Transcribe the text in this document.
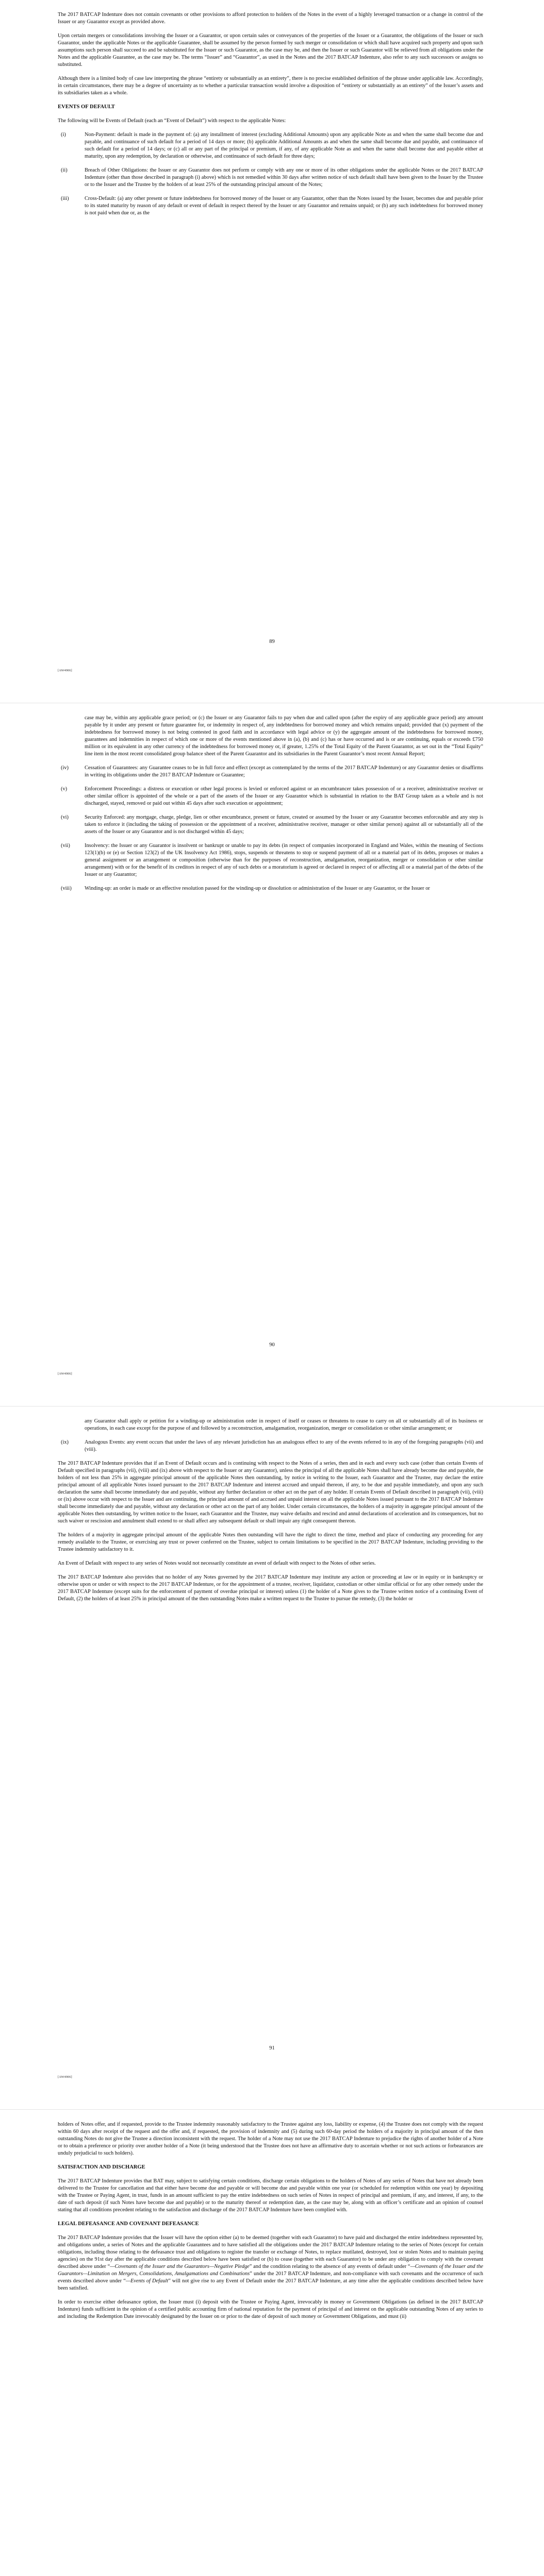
The 2017 BATCAP Indenture does not contain covenants or other provisions to afford protection to holders of the Notes in the event of a highly leveraged transaction or a change in control of the Issuer or any Guarantor except as provided above.

Upon certain mergers or consolidations involving the Issuer or a Guarantor, or upon certain sales or conveyances of the properties of the Issuer or a Guarantor, the obligations of the Issuer or such Guarantor, under the applicable Notes or the applicable Guarantee, shall be assumed by the person formed by such merger or consolidation or which shall have acquired such property and upon such assumptions such person shall succeed to and be substituted for the Issuer or such Guarantor, as the case may be, and then the Issuer or such Guarantor will be relieved from all obligations under the Notes and the applicable Guarantee, as the case may be. The terms “Issuer” and “Guarantor”, as used in the Notes and the 2017 BATCAP Indenture, also refer to any such successors or assigns so substituted.

Although there is a limited body of case law interpreting the phrase “entirety or substantially as an entirety”, there is no precise established definition of the phrase under applicable law. Accordingly, in certain circumstances, there may be a degree of uncertainty as to whether a particular transaction would involve a disposition of “entirety or substantially as an entirety” of the Issuer’s assets and its subsidiaries taken as a whole.

EVENTS OF DEFAULT

The following will be Events of Default (each an “Event of Default”) with respect to the applicable Notes:

(i)	Non-Payment: default is made in the payment of: (a) any installment of interest (excluding Additional Amounts) upon any applicable Note as and when the same shall become due and payable, and continuance of such default for a period of 14 days or more; (b) applicable Additional Amounts as and when the same shall become due and payable, and continuance of such default for a period of 14 days; or (c) all or any part of the principal or premium, if any, of any applicable Note as and when the same shall become due and payable either at maturity, upon any redemption, by declaration or otherwise, and continuance of such default for three days;
(ii)	Breach of Other Obligations: the Issuer or any Guarantor does not perform or comply with any one or more of its other obligations under the applicable Notes or the 2017 BATCAP Indenture (other than those described in paragraph (i) above) which is not remedied within 30 days after written notice of such default shall have been given to the Issuer by the Trustee or to the Issuer and the Trustee by the holders of at least 25% of the outstanding principal amount of the Notes;
(iii)	Cross-Default: (a) any other present or future indebtedness for borrowed money of the Issuer or any Guarantor, other than the Notes issued by the Issuer, becomes due and payable prior to its stated maturity by reason of any default or event of default in respect thereof by the Issuer or any Guarantor and remains unpaid; or (b) any such indebtedness for borrowed money is not paid when due or, as the
89
[AW4906]

case may be, within any applicable grace period; or (c) the Issuer or any Guarantor fails to pay when due and called upon (after the expiry of any applicable grace period) any amount payable by it under any present or future guarantee for, or indemnity in respect of, any indebtedness for borrowed money and which remains unpaid; provided that (x) payment of the indebtedness for borrowed money is not being contested in good faith and in accordance with legal advice or (y) the aggregate amount of the indebtedness for borrowed money, guarantees and indemnities in respect of which one or more of the events mentioned above in (a), (b) and (c) has or have occurred and is or are continuing, equals or exceeds £750 million or its equivalent in any other currency of the indebtedness for borrowed money or, if greater, 1.25% of the Total Equity of the Parent Guarantor, as set out in the “Total Equity” line item in the most recent consolidated group balance sheet of the Parent Guarantor and its subsidiaries in the Parent Guarantor’s most recent Annual Report;

(iv)	Cessation of Guarantees: any Guarantee ceases to be in full force and effect (except as contemplated by the terms of the 2017 BATCAP Indenture) or any Guarantor denies or disaffirms in writing its obligations under the 2017 BATCAP Indenture or Guarantee;
(v)	Enforcement Proceedings: a distress or execution or other legal process is levied or enforced against or an encumbrancer takes possession of or a receiver, administrative receiver or other similar officer is appointed of the whole or a part of the assets of the Issuer or any Guarantor which is substantial in relation to the BAT Group taken as a whole and is not discharged, stayed, removed or paid out within 45 days after such execution or appointment;
(vi)	Security Enforced: any mortgage, charge, pledge, lien or other encumbrance, present or future, created or assumed by the Issuer or any Guarantor becomes enforceable and any step is taken to enforce it (including the taking of possession or the appointment of a receiver, administrative receiver, manager or other similar person) against all or substantially all of the assets of the Issuer or any Guarantor and is not discharged within 45 days;
(vii)	Insolvency: the Issuer or any Guarantor is insolvent or bankrupt or unable to pay its debts (in respect of companies incorporated in England and Wales, within the meaning of Sections 123(1)(b) or (e) or Section 123(2) of the UK Insolvency Act 1986), stops, suspends or threatens to stop or suspend payment of all or a material part of its debts, proposes or makes a general assignment or an arrangement or composition (otherwise than for the purposes of reconstruction, amalgamation, reorganization, merger or consolidation or other similar arrangement) with or for the benefit of its creditors in respect of any of such debts or a moratorium is agreed or declared in respect of or affecting all or a material part of the debts of the Issuer or any Guarantor;
(viii)	Winding-up: an order is made or an effective resolution passed for the winding-up or dissolution or administration of the Issuer or any Guarantor, or the Issuer or
90
[AW4906]

any Guarantor shall apply or petition for a winding-up or administration order in respect of itself or ceases or threatens to cease to carry on all or substantially all of its business or operations, in each case except for the purpose of and followed by a reconstruction, amalgamation, reorganization, merger or consolidation or other similar arrangement; or

(ix)	Analogous Events: any event occurs that under the laws of any relevant jurisdiction has an analogous effect to any of the events referred to in any of the foregoing paragraphs (vii) and (viii).

The 2017 BATCAP Indenture provides that if an Event of Default occurs and is continuing with respect to the Notes of a series, then and in each and every such case (other than certain Events of Default specified in paragraphs (vii), (viii) and (ix) above with respect to the Issuer or any Guarantor), unless the principal of all the applicable Notes shall have already become due and payable, the holders of not less than 25% in aggregate principal amount of the applicable Notes then outstanding, by notice in writing to the Issuer, each Guarantor and the Trustee, may declare the entire principal amount of all applicable Notes issued pursuant to the 2017 BATCAP Indenture and interest accrued and unpaid thereon, if any, to be due and payable immediately, and upon any such declaration the same shall become immediately due and payable, without any further declaration or other act on the part of any holder. If certain Events of Default described in paragraph (vii), (viii) or (ix) above occur with respect to the Issuer and are continuing, the principal amount of and accrued and unpaid interest on all the applicable Notes issued pursuant to the 2017 BATCAP Indenture shall become immediately due and payable, without any declaration or other act on the part of any holder. Under certain circumstances, the holders of a majority in aggregate principal amount of the applicable Notes then outstanding, by written notice to the Issuer, each Guarantor and the Trustee, may waive defaults and rescind and annul declarations of acceleration and its consequences, but no such waiver or rescission and annulment shall extend to or shall affect any subsequent default or shall impair any right consequent thereon.

The holders of a majority in aggregate principal amount of the applicable Notes then outstanding will have the right to direct the time, method and place of conducting any proceeding for any remedy available to the Trustee, or exercising any trust or power conferred on the Trustee, subject to certain limitations to be specified in the 2017 BATCAP Indenture, including providing to the Trustee indemnity satisfactory to it.

An Event of Default with respect to any series of Notes would not necessarily constitute an event of default with respect to the Notes of other series.

The 2017 BATCAP Indenture also provides that no holder of any Notes governed by the 2017 BATCAP Indenture may institute any action or proceeding at law or in equity or in bankruptcy or otherwise upon or under or with respect to the 2017 BATCAP Indenture, or for the appointment of a trustee, receiver, liquidator, custodian or other similar official or for any other remedy under the 2017 BATCAP Indenture (except suits for the enforcement of payment of overdue principal or interest) unless (1) the holder of a Note gives to the Trustee written notice of a continuing Event of Default, (2) the holders of at least 25% in principal amount of the then outstanding Notes make a written request to the Trustee to pursue the remedy, (3) the holder or

91
[AW4906]

holders of Notes offer, and if requested, provide to the Trustee indemnity reasonably satisfactory to the Trustee against any loss, liability or expense, (4) the Trustee does not comply with the request within 60 days after receipt of the request and the offer and, if requested, the provision of indemnity and (5) during such 60-day period the holders of a majority in principal amount of the then outstanding Notes do not give the Trustee a direction inconsistent with the request. The holder of a Note may not use the 2017 BATCAP Indenture to prejudice the rights of another holder of a Note or to obtain a preference or priority over another holder of a Note (it being understood that the Trustee does not have an affirmative duty to ascertain whether or not such actions or forbearances are unduly prejudicial to such holders).

SATISFACTION AND DISCHARGE

The 2017 BATCAP Indenture provides that BAT may, subject to satisfying certain conditions, discharge certain obligations to the holders of Notes of any series of Notes that have not already been delivered to the Trustee for cancellation and that either have become due and payable or will become due and payable within one year (or scheduled for redemption within one year) by depositing with the Trustee or Paying Agent, in trust, funds in an amount sufficient to pay the entire indebtedness on such series of Notes in respect of principal and premium, if any, and interest, if any, to the date of such deposit (if such Notes have become due and payable) or to the maturity thereof or redemption date, as the case may be, along with an officer’s certificate and an opinion of counsel stating that all conditions precedent relating to the satisfaction and discharge of the 2017 BATCAP Indenture have been complied with.

LEGAL DEFEASANCE AND COVENANT DEFEASANCE

The 2017 BATCAP Indenture provides that the Issuer will have the option either (a) to be deemed (together with each Guarantor) to have paid and discharged the entire indebtedness represented by, and obligations under, a series of Notes and the applicable Guarantees and to have satisfied all the obligations under the 2017 BATCAP Indenture relating to the series of Notes (except for certain obligations, including those relating to the defeasance trust and obligations to register the transfer or exchange of Notes, to replace mutilated, destroyed, lost or stolen Notes and to maintain paying agencies) on the 91st day after the applicable conditions described below have been satisfied or (b) to cease (together with each Guarantor) to be under any obligation to comply with the covenant described above under “—Covenants of the Issuer and the Guarantors—Negative Pledge” and the condition relating to the absence of any events of default under “—Covenants of the Issuer and the Guarantors—Limitation on Mergers, Consolidations, Amalgamations and Combinations” under the 2017 BATCAP Indenture, and non-compliance with such covenants and the occurrence of such events described above under “—Events of Default” will not give rise to any Event of Default under the 2017 BATCAP Indenture, at any time after the applicable conditions described below have been satisfied.

In order to exercise either defeasance option, the Issuer must (i) deposit with the Trustee or Paying Agent, irrevocably in money or Government Obligations (as defined in the 2017 BATCAP Indenture) funds sufficient in the opinion of a certified public accounting firm of national reputation for the payment of principal of and interest on the applicable outstanding Notes of any series to and including the Redemption Date irrevocably designated by the Issuer on or prior to the date of deposit of such money or Government Obligations, and must (ii)
